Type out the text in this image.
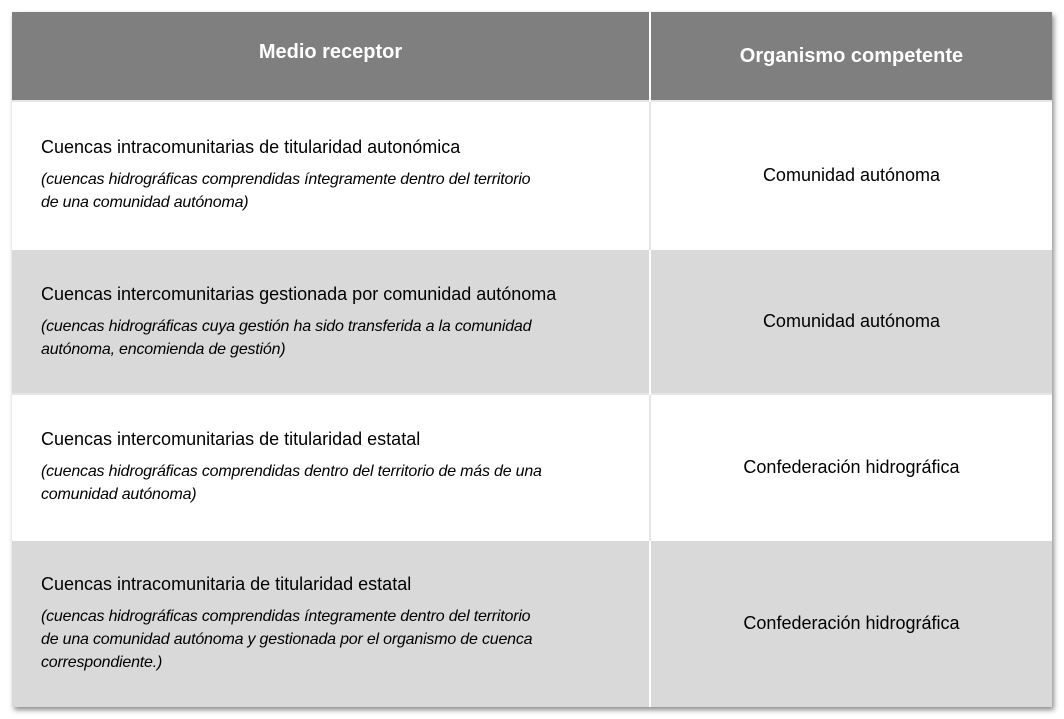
Medio receptor	Organismo competente

Cuencas intracomunitarias de titularidad autonómica

(cuencas hidrográficas comprendidas íntegramente dentro del territorio
de una comunidad autónoma)	Comunidad autónoma

Cuencas intercomunitarias gestionada por comunidad autónoma

(cuencas hidrográficas cuya gestión ha sido transferida a la comunidad
autónoma, encomienda de gestión)	Comunidad autónoma

Cuencas intercomunitarias de titularidad estatal

(cuencas hidrográficas comprendidas dentro del territorio de más de una
comunidad autónoma)	Confederación hidrográfica

Cuencas intracomunitaria de titularidad estatal

(cuencas hidrográficas comprendidas íntegramente dentro del territorio
de una comunidad autónoma y gestionada por el organismo de cuenca
correspondiente.)	Confederación hidrográfica
